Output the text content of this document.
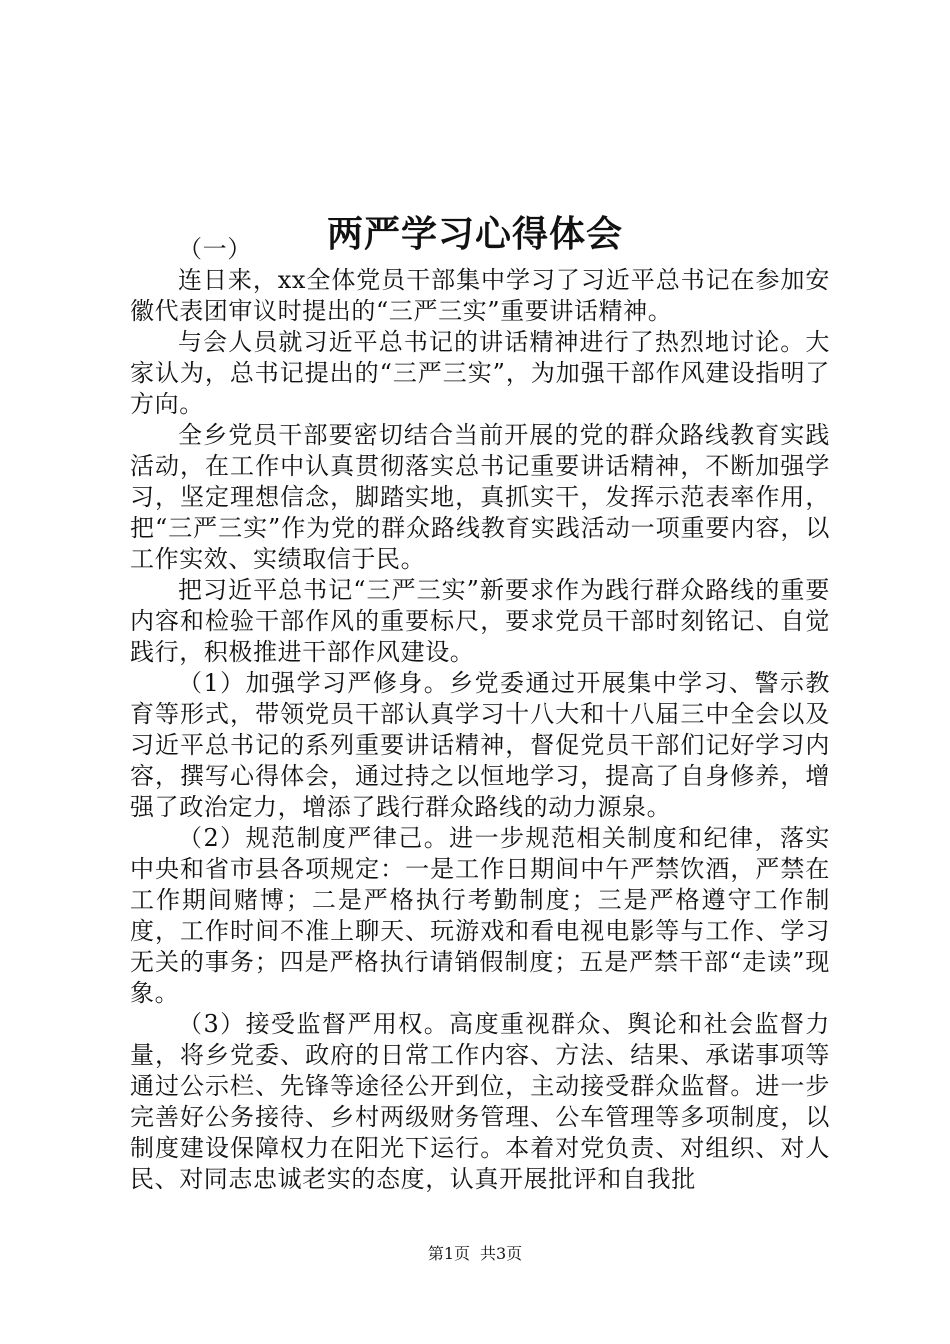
两严学习心得体会

（一）

连日来，xx全体党员干部集中学习了习近平总书记在参加安徽代表团审议时提出的“三严三实”重要讲话精神。

与会人员就习近平总书记的讲话精神进行了热烈地讨论。大家认为，总书记提出的“三严三实”，为加强干部作风建设指明了方向。

全乡党员干部要密切结合当前开展的党的群众路线教育实践活动，在工作中认真贯彻落实总书记重要讲话精神，不断加强学习，坚定理想信念，脚踏实地，真抓实干，发挥示范表率作用，把“三严三实”作为党的群众路线教育实践活动一项重要内容，以工作实效、实绩取信于民。

把习近平总书记“三严三实”新要求作为践行群众路线的重要内容和检验干部作风的重要标尺，要求党员干部时刻铭记、自觉践行，积极推进干部作风建设。

（1）加强学习严修身。乡党委通过开展集中学习、警示教育等形式，带领党员干部认真学习十八大和十八届三中全会以及习近平总书记的系列重要讲话精神，督促党员干部们记好学习内容，撰写心得体会，通过持之以恒地学习，提高了自身修养，增强了政治定力，增添了践行群众路线的动力源泉。

（2）规范制度严律己。进一步规范相关制度和纪律，落实中央和省市县各项规定：一是工作日期间中午严禁饮酒，严禁在工作期间赌博；二是严格执行考勤制度；三是严格遵守工作制度，工作时间不准上聊天、玩游戏和看电视电影等与工作、学习无关的事务；四是严格执行请销假制度；五是严禁干部“走读”现象。

（3）接受监督严用权。高度重视群众、舆论和社会监督力量，将乡党委、政府的日常工作内容、方法、结果、承诺事项等通过公示栏、先锋等途径公开到位，主动接受群众监督。进一步完善好公务接待、乡村两级财务管理、公车管理等多项制度，以制度建设保障权力在阳光下运行。本着对党负责、对组织、对人民、对同志忠诚老实的态度，认真开展批评和自我批

第1页 共3页
